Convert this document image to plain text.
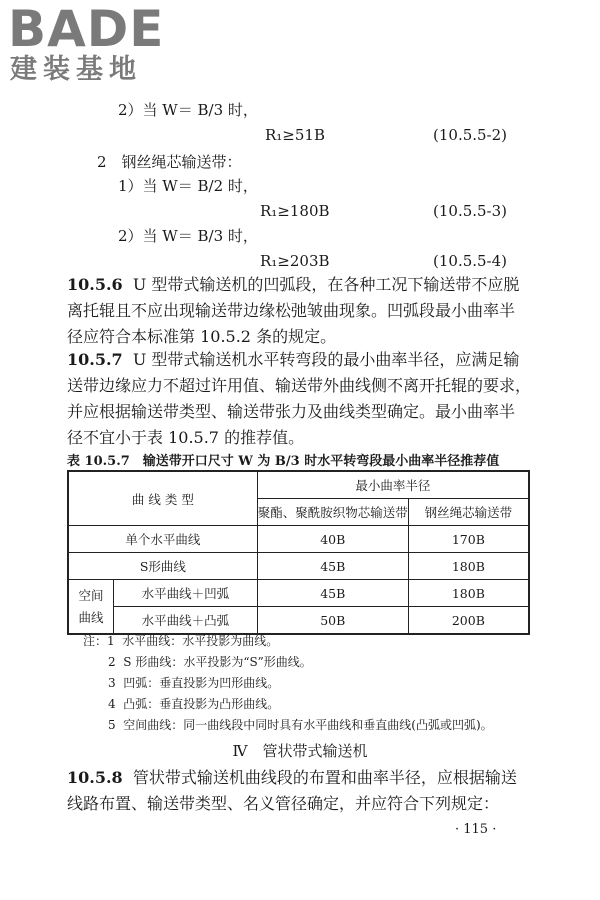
BADE
建装基地
2）当 W＝ B/3 时，
R₁≥51B	(10.5.5-2)
2　钢丝绳芯输送带：
1）当 W＝ B/2 时，
R₁≥180B	(10.5.5-3)
2）当 W＝ B/3 时，
R₁≥203B	(10.5.5-4)
10.5.6 U 型带式输送机的凹弧段，在各种工况下输送带不应脱
离托辊且不应出现输送带边缘松弛皱曲现象。凹弧段最小曲率半
径应符合本标准第 10.5.2 条的规定。
10.5.7 U 型带式输送机水平转弯段的最小曲率半径，应满足输
送带边缘应力不超过许用值、输送带外曲线侧不离开托辊的要求，
并应根据输送带类型、输送带张力及曲线类型确定。最小曲率半
径不宜小于表 10.5.7 的推荐值。
表 10.5.7　输送带开口尺寸 W 为 B/3 时水平转弯段最小曲率半径推荐值
曲 线 类 型		最小曲率半径	
		聚酯、聚酰胺织物芯输送带	钢丝绳芯输送带
单个水平曲线		40B	170B
S形曲线		45B	180B
空间
曲线	水平曲线＋凹弧	45B	180B
	水平曲线＋凸弧	50B	200B
注：1 水平曲线：水平投影为曲线。
2 S 形曲线：水平投影为“S”形曲线。
3 凹弧：垂直投影为凹形曲线。
4 凸弧：垂直投影为凸形曲线。
5 空间曲线：同一曲线段中同时具有水平曲线和垂直曲线(凸弧或凹弧)。
Ⅳ　管状带式输送机
10.5.8 管状带式输送机曲线段的布置和曲率半径，应根据输送
线路布置、输送带类型、名义管径确定，并应符合下列规定：
· 115 ·
